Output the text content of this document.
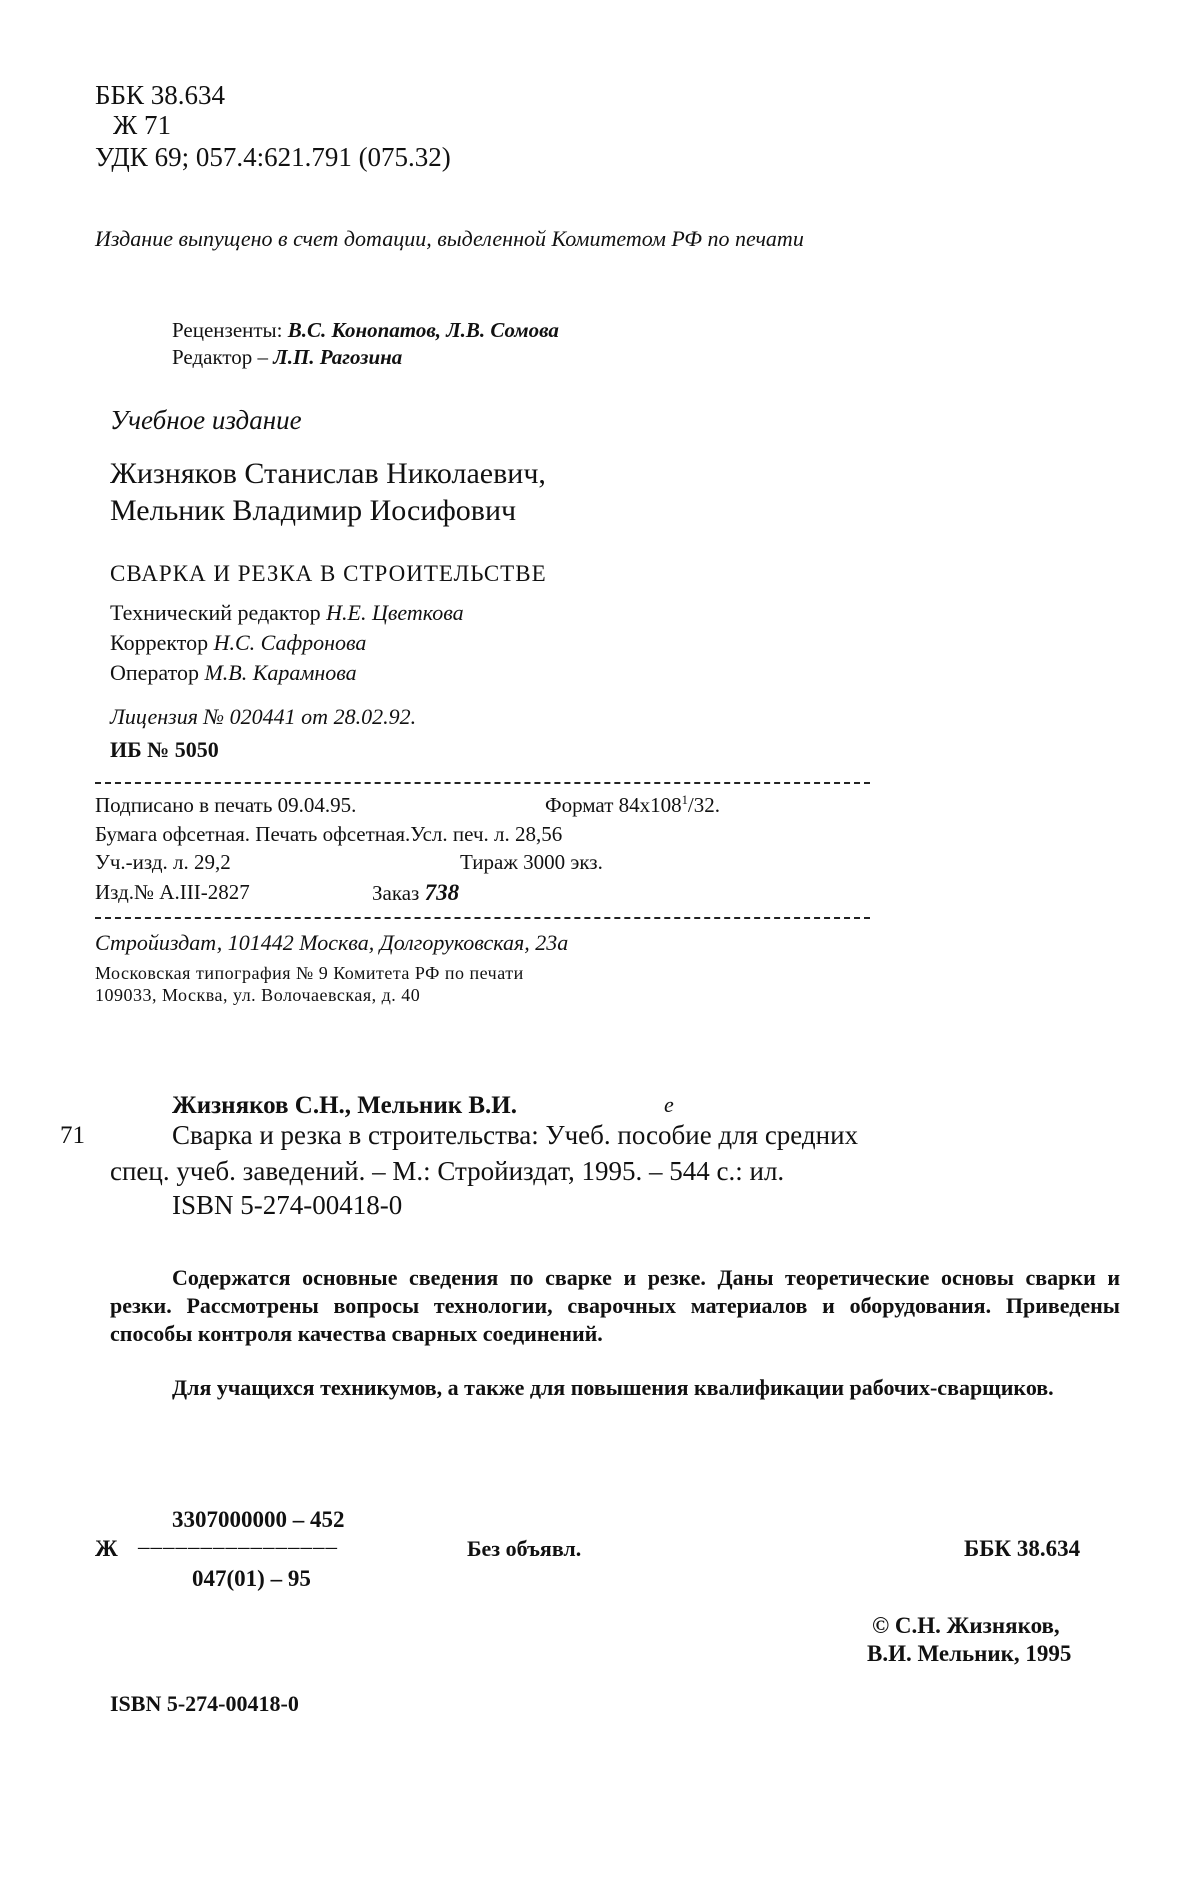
ББК 38.634
Ж 71
УДК 69; 057.4:621.791 (075.32)
Издание выпущено в счет дотации, выделенной Комитетом РФ по печати
Рецензенты: В.С. Конопатов, Л.В. Сомова
Редактор – Л.П. Рагозина
Учебное издание
Жизняков Станислав Николаевич,
Мельник Владимир Иосифович
СВАРКА И РЕЗКА В СТРОИТЕЛЬСТВЕ
Технический редактор Н.Е. Цветкова
Корректор Н.С. Сафронова
Оператор М.В. Карамнова
Лицензия № 020441 от 28.02.92.
ИБ № 5050
Подписано в печать 09.04.95.	Формат $84х108^1/32$.
Бумага офсетная. Печать офсетная.Усл. печ. л. 28,56
Уч.-изд. л. 29,2	Тираж 3000 экз.
Изд.№ А.III-2827	Заказ 738
Стройиздат, 101442 Москва, Долгоруковская, 23а
Московская типография № 9 Комитета РФ по печати
109033, Москва, ул. Волочаевская, д. 40
Жизняков С.Н., Мельник В.И.	е
71	Сварка и резка в строительства: Учеб. пособие для средних
спец. учеб. заведений. – М.: Стройиздат, 1995. – 544 с.: ил.
ISBN 5-274-00418-0
Содержатся основные сведения по сварке и резке. Даны теоретические основы сварки и резки. Рассмотрены вопросы технологии, сварочных материалов и оборудования. Приведены способы контроля качества сварных соединений.
Для учащихся техникумов, а также для повышения квалификации рабочих-сварщиков.
3307000000 – 452
Ж ––––––––––––––––	Без объявл.	ББК 38.634
047(01) – 95
© С.Н. Жизняков,
В.И. Мельник, 1995
ISBN 5-274-00418-0
